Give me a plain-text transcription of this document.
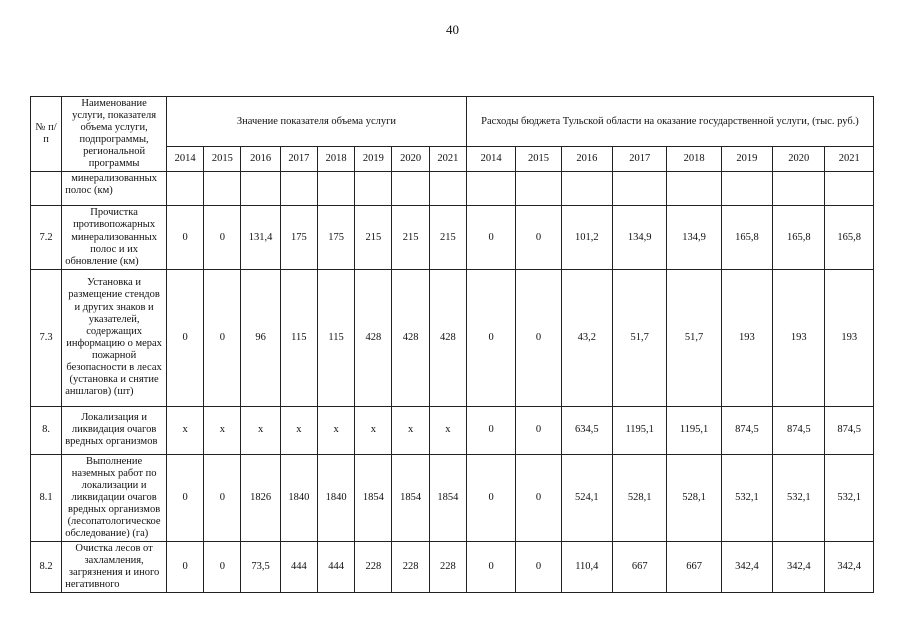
40
№ п/п	Наименование услуги, показателя объема услуги, подпрограммы, региональной программы	Значение показателя объема услуги								Расходы бюджета Тульской области на оказание государственной услуги, (тыс. руб.)							
		2014	2015	2016	2017	2018	2019	2020	2021	2014	2015	2016	2017	2018	2019	2020	2021
	минерализованных полос (км)																
7.2	Прочистка противопожарных минерализованных полос и их обновление (км)	0	0	131,4	175	175	215	215	215	0	0	101,2	134,9	134,9	165,8	165,8	165,8
7.3	Установка и размещение стендов и других знаков и указателей, содержащих информацию о мерах пожарной безопасности в лесах (установка и снятие аншлагов) (шт)	0	0	96	115	115	428	428	428	0	0	43,2	51,7	51,7	193	193	193
8.	Локализация и ликвидация очагов вредных организмов	х	х	х	х	х	х	х	х	0	0	634,5	1195,1	1195,1	874,5	874,5	874,5
8.1	Выполнение наземных работ по локализации и ликвидации очагов вредных организмов (лесопатологическое обследование) (га)	0	0	1826	1840	1840	1854	1854	1854	0	0	524,1	528,1	528,1	532,1	532,1	532,1
8.2	Очистка лесов от захламления, загрязнения и иного негативного	0	0	73,5	444	444	228	228	228	0	0	110,4	667	667	342,4	342,4	342,4
